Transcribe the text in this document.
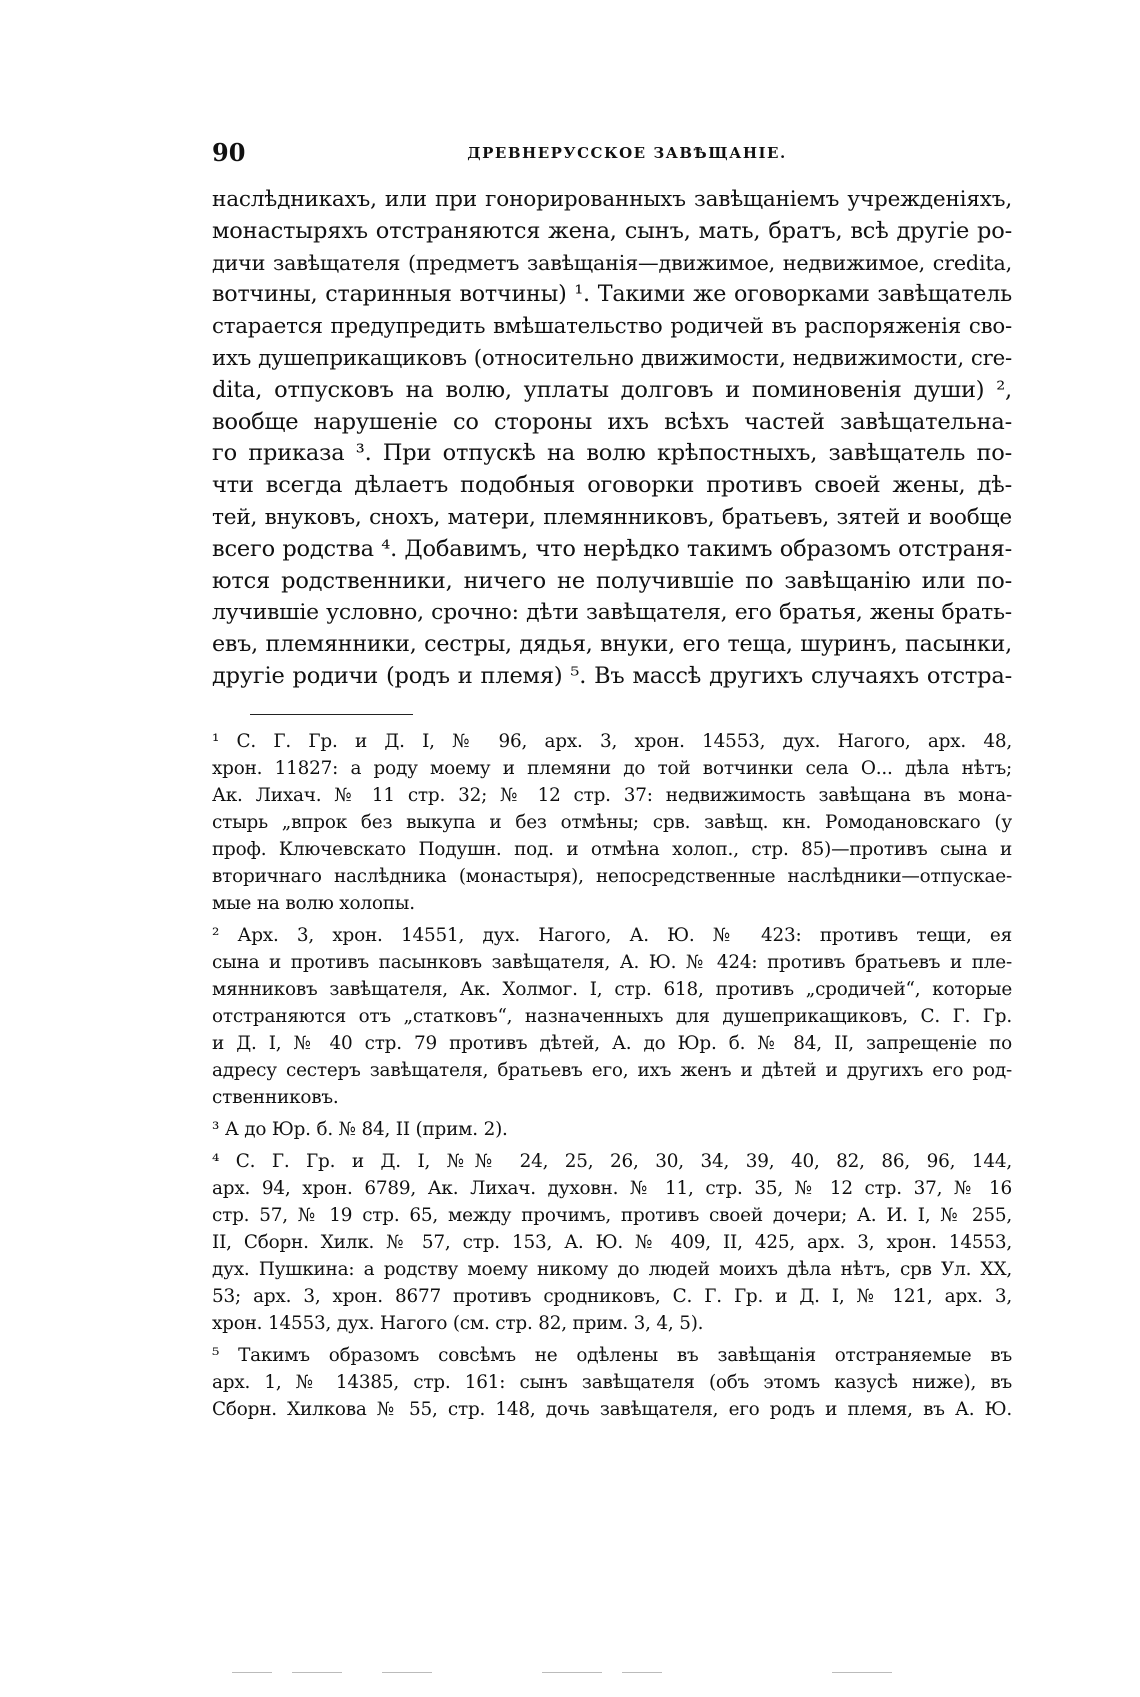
90	ДРЕВНЕРУССКОЕ ЗАВѢЩАНІЕ.
наслѣдникахъ, или при гонорированныхъ завѣщаніемъ учрежденіяхъ,
монастыряхъ отстраняются жена, сынъ, мать, братъ, всѣ другіе ро-
дичи завѣщателя (предметъ завѣщанія—движимое, недвижимое, credita,
вотчины, старинныя вотчины) ¹. Такими же оговорками завѣщатель
старается предупредить вмѣшательство родичей въ распоряженія сво-
ихъ душеприкащиковъ (относительно движимости, недвижимости, cre-
dita, отпусковъ на волю, уплаты долговъ и поминовенія души) ²,
вообще нарушеніе со стороны ихъ всѣхъ частей завѣщательна-
го приказа ³. При отпускѣ на волю крѣпостныхъ, завѣщатель по-
чти всегда дѣлаетъ подобныя оговорки противъ своей жены, дѣ-
тей, внуковъ, снохъ, матери, племянниковъ, братьевъ, зятей и вообще
всего родства ⁴. Добавимъ, что нерѣдко такимъ образомъ отстраня-
ются родственники, ничего не получившіе по завѣщанію или по-
лучившіе условно, срочно: дѣти завѣщателя, его братья, жены брать-
евъ, племянники, сестры, дядья, внуки, его теща, шуринъ, пасынки,
другіе родичи (родъ и племя) ⁵. Въ массѣ другихъ случаяхъ отстра-
¹ С. Г. Гр. и Д. I, № 96, арх. 3, хрон. 14553, дух. Нагого, арх. 48,
хрон. 11827: а роду моему и племяни до той вотчинки села О... дѣла нѣтъ;
Ак. Лихач. № 11 стр. 32; № 12 стр. 37: недвижимость завѣщана въ мона-
стырь „впрок без выкупа и без отмѣны; срв. завѣщ. кн. Ромодановскаго (у
проф. Ключевскато Подушн. под. и отмѣна холоп., стр. 85)—противъ сына и
вторичнаго наслѣдника (монастыря), непосредственные наслѣдники—отпускае-
мые на волю холопы.
² Арх. 3, хрон. 14551, дух. Нагого, А. Ю. № 423: противъ тещи, ея
сына и противъ пасынковъ завѣщателя, А. Ю. № 424: противъ братьевъ и пле-
мянниковъ завѣщателя, Ак. Холмог. I, стр. 618, противъ „сродичей“, которые
отстраняются отъ „статковъ“, назначенныхъ для душеприкащиковъ, С. Г. Гр.
и Д. I, № 40 стр. 79 противъ дѣтей, А. до Юр. б. № 84, II, запрещеніе по
адресу сестеръ завѣщателя, братьевъ его, ихъ женъ и дѣтей и другихъ его род-
ственниковъ.
³ А до Юр. б. № 84, II (прим. 2).
⁴ С. Г. Гр. и Д. I, №№ 24, 25, 26, 30, 34, 39, 40, 82, 86, 96, 144,
арх. 94, хрон. 6789, Ак. Лихач. духовн. № 11, стр. 35, № 12 стр. 37, № 16
стр. 57, № 19 стр. 65, между прочимъ, противъ своей дочери; А. И. I, № 255,
II, Сборн. Хилк. № 57, стр. 153, А. Ю. № 409, II, 425, арх. 3, хрон. 14553,
дух. Пушкина: а родству моему никому до людей моихъ дѣла нѣтъ, срв Ул. XX,
53; арх. 3, хрон. 8677 противъ сродниковъ, С. Г. Гр. и Д. I, № 121, арх. 3,
хрон. 14553, дух. Нагого (см. стр. 82, прим. 3, 4, 5).
⁵ Такимъ образомъ совсѣмъ не одѣлены въ завѣщанія отстраняемые въ
арх. 1, № 14385, стр. 161: сынъ завѣщателя (объ этомъ казусѣ ниже), въ
Сборн. Хилкова № 55, стр. 148, дочь завѣщателя, его родъ и племя, въ А. Ю.
